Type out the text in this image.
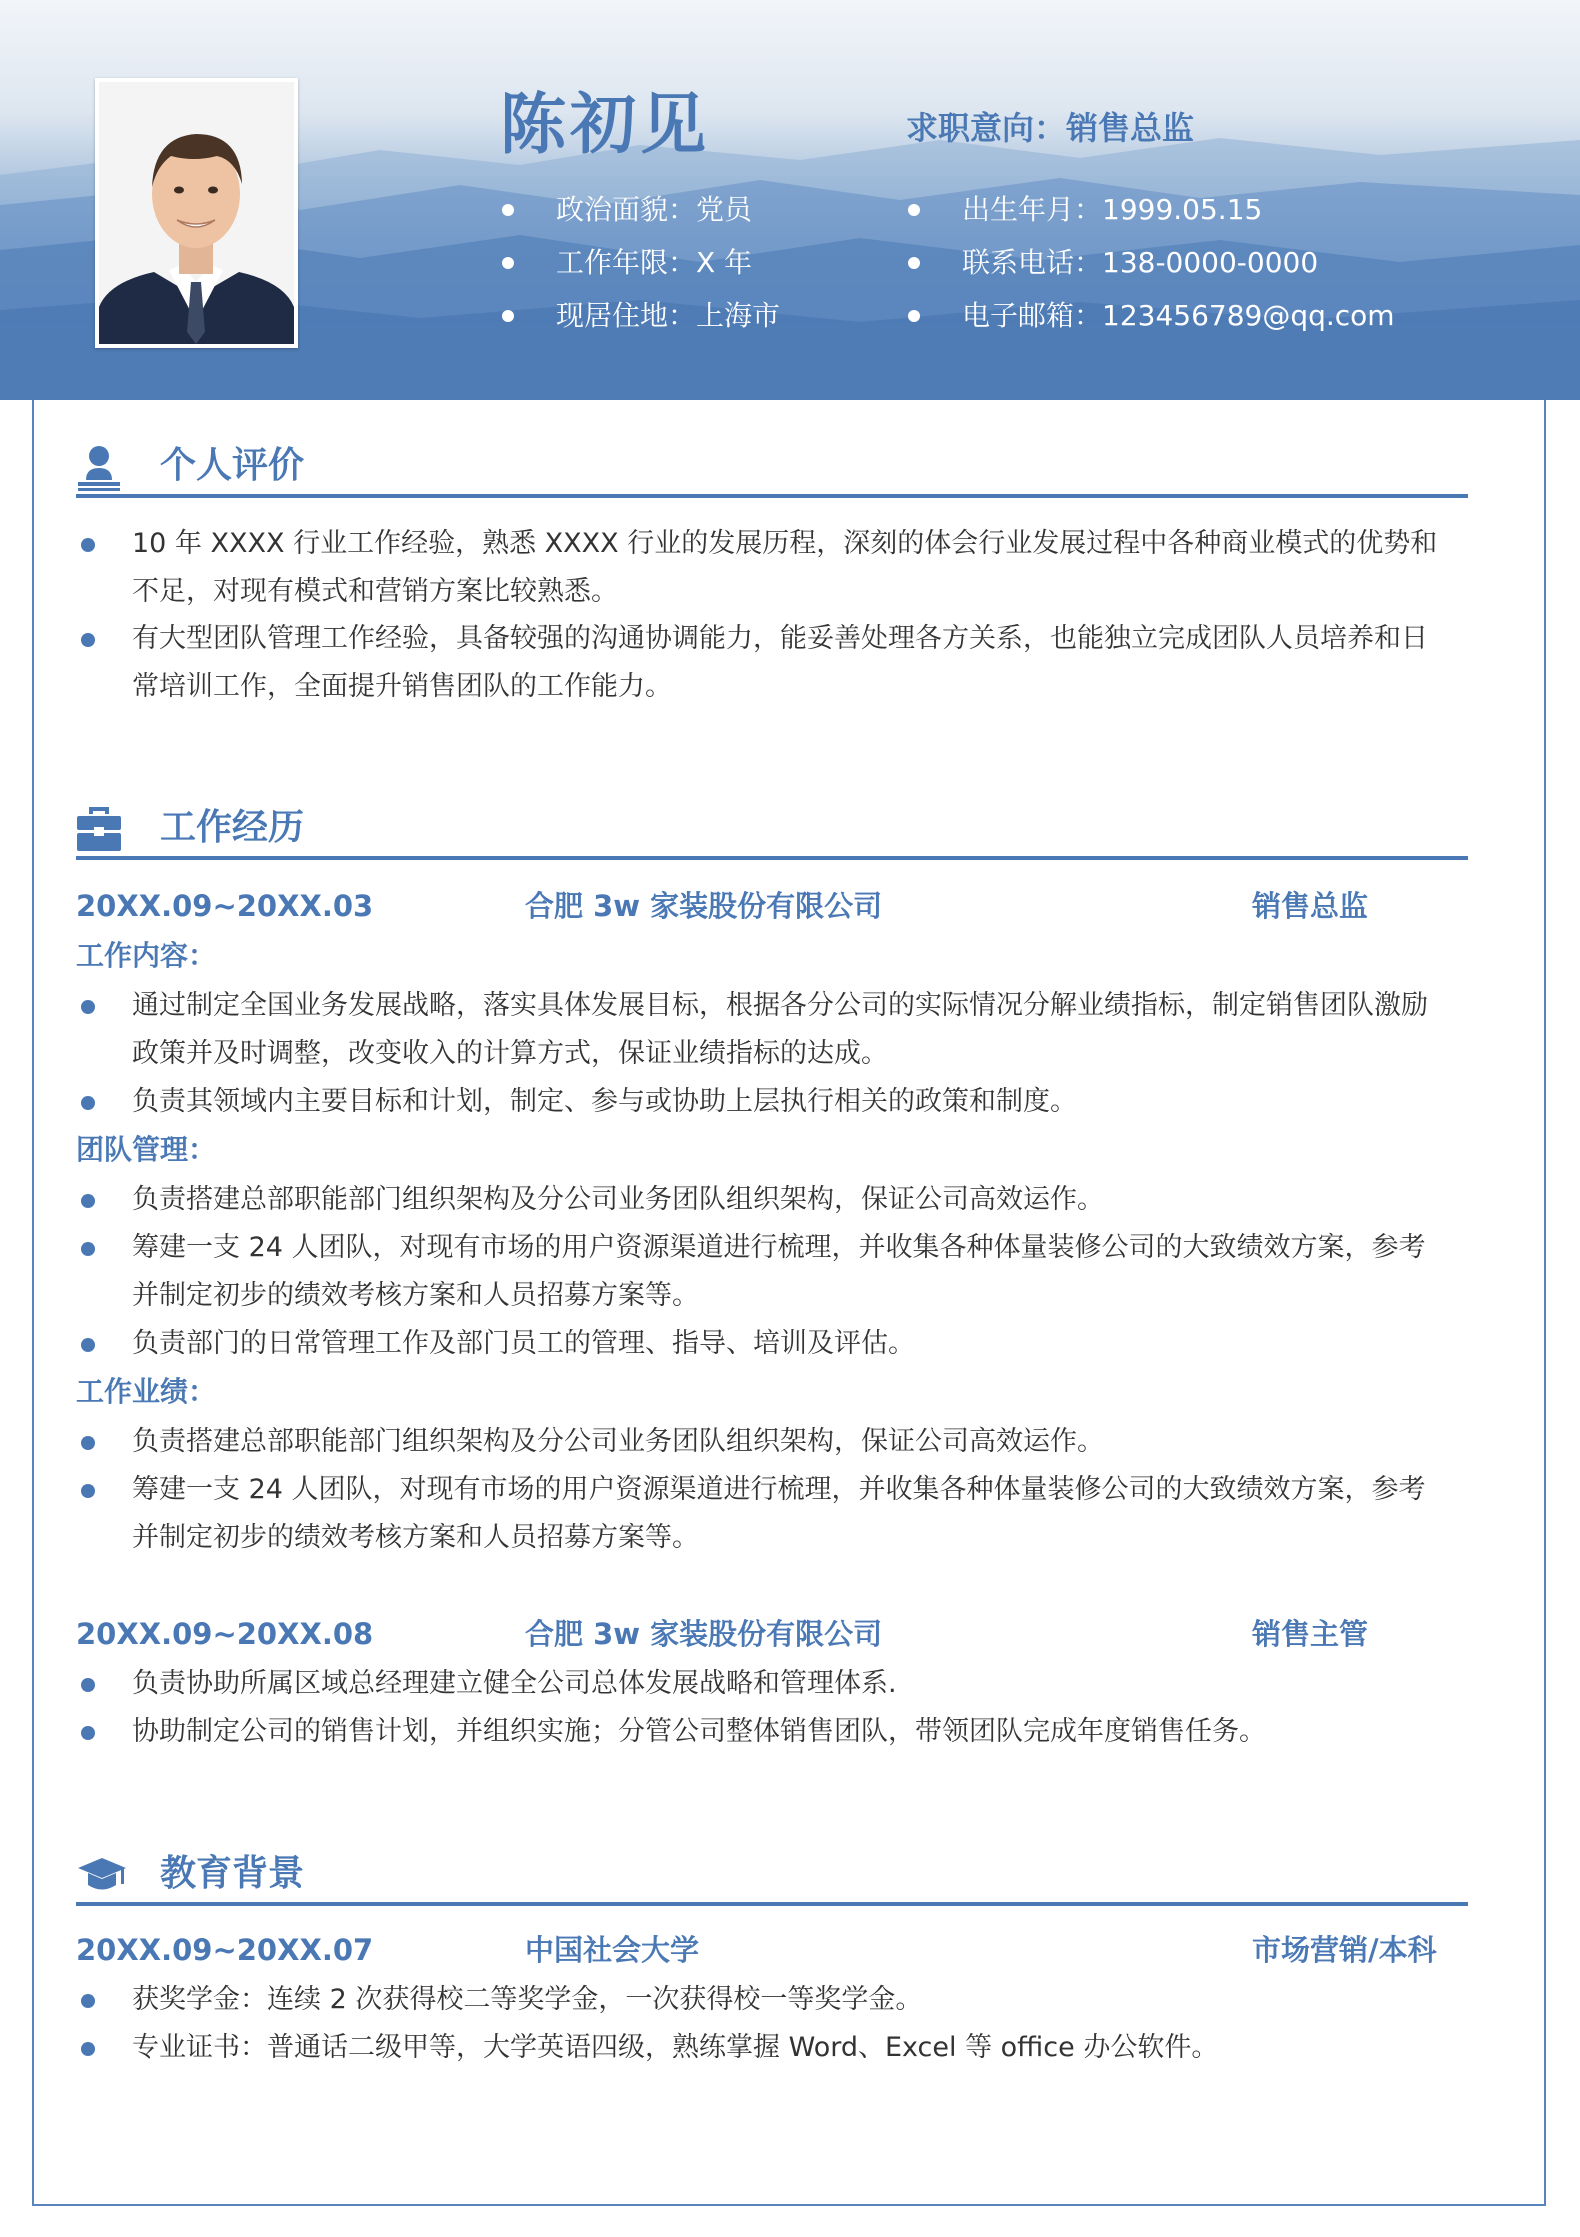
陈初见	求职意向：销售总监
政治面貌：党员
工作年限：X 年
现居住地：上海市
出生年月：1999.05.15
联系电话：138-0000-0000
电子邮箱：123456789@qq.com
个人评价
10 年 XXXX 行业工作经验，熟悉 XXXX 行业的发展历程，深刻的体会行业发展过程中各种商业模式的优势和
不足，对现有模式和营销方案比较熟悉。
有大型团队管理工作经验，具备较强的沟通协调能力，能妥善处理各方关系，也能独立完成团队人员培养和日
常培训工作，全面提升销售团队的工作能力。
工作经历
20XX.09~20XX.03	合肥 3w 家装股份有限公司	销售总监
工作内容：
通过制定全国业务发展战略，落实具体发展目标，根据各分公司的实际情况分解业绩指标，制定销售团队激励
政策并及时调整，改变收入的计算方式，保证业绩指标的达成。
负责其领域内主要目标和计划，制定、参与或协助上层执行相关的政策和制度。
团队管理：
负责搭建总部职能部门组织架构及分公司业务团队组织架构，保证公司高效运作。
筹建一支 24 人团队，对现有市场的用户资源渠道进行梳理，并收集各种体量装修公司的大致绩效方案，参考
并制定初步的绩效考核方案和人员招募方案等。
负责部门的日常管理工作及部门员工的管理、指导、培训及评估。
工作业绩：
负责搭建总部职能部门组织架构及分公司业务团队组织架构，保证公司高效运作。
筹建一支 24 人团队，对现有市场的用户资源渠道进行梳理，并收集各种体量装修公司的大致绩效方案，参考
并制定初步的绩效考核方案和人员招募方案等。
20XX.09~20XX.08	合肥 3w 家装股份有限公司	销售主管
负责协助所属区域总经理建立健全公司总体发展战略和管理体系.
协助制定公司的销售计划，并组织实施；分管公司整体销售团队，带领团队完成年度销售任务。
教育背景
20XX.09~20XX.07	中国社会大学	市场营销/本科
获奖学金：连续 2 次获得校二等奖学金，一次获得校一等奖学金。
专业证书：普通话二级甲等，大学英语四级，熟练掌握 Word、Excel 等 office 办公软件。
